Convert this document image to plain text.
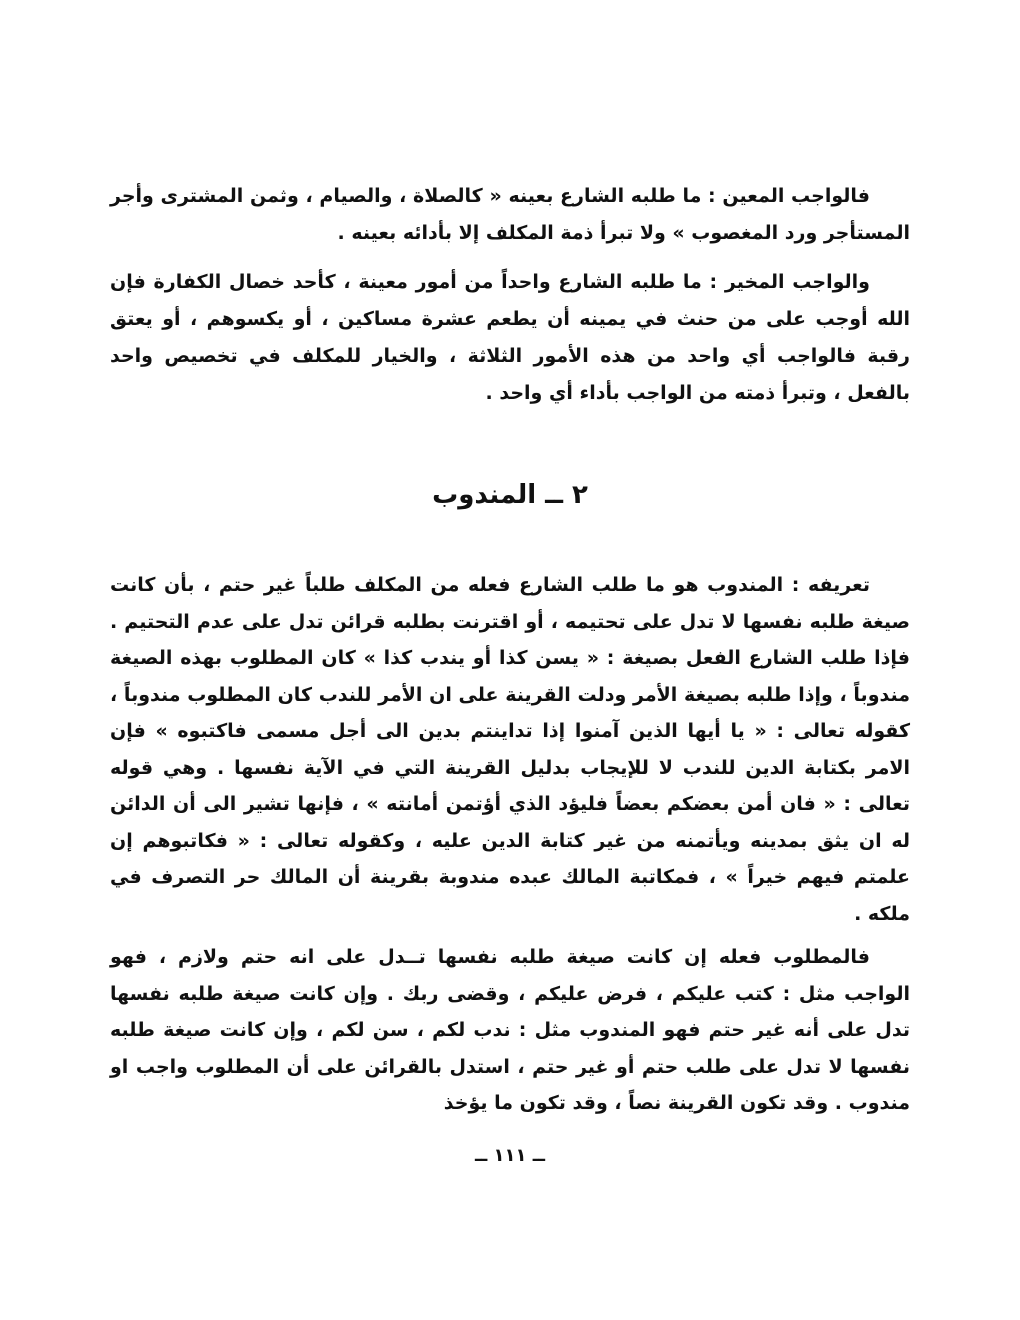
فالواجب المعين : ما طلبه الشارع بعينه « كالصلاة ، والصيام ، وثمن المشترى وأجر المستأجر ورد المغصوب » ولا تبرأ ذمة المكلف إلا بأدائه بعينه .

والواجب المخير : ما طلبه الشارع واحداً من أمور معينة ، كأحد خصال الكفارة فإن الله أوجب على من حنث في يمينه أن يطعم عشرة مساكين ، أو يكسوهم ، أو يعتق رقبة فالواجب أي واحد من هذه الأمور الثلاثة ، والخيار للمكلف في تخصيص واحد بالفعل ، وتبرأ ذمته من الواجب بأداء أي واحد .

٢ ــ المندوب

تعريفه : المندوب هو ما طلب الشارع فعله من المكلف طلباً غير حتم ، بأن كانت صيغة طلبه نفسها لا تدل على تحتيمه ، أو اقترنت بطلبه قرائن تدل على عدم التحتيم . فإذا طلب الشارع الفعل بصيغة : « يسن كذا أو يندب كذا » كان المطلوب بهذه الصيغة مندوباً ، وإذا طلبه بصيغة الأمر ودلت القرينة على ان الأمر للندب كان المطلوب مندوباً ، كقوله تعالى : « يا أيها الذين آمنوا إذا تداينتم بدين الى أجل مسمى فاكتبوه » فإن الامر بكتابة الدين للندب لا للإيجاب بدليل القرينة التي في الآية نفسها . وهي قوله تعالى : « فان أمن بعضكم بعضاً فليؤد الذي أؤتمن أمانته » ، فإنها تشير الى أن الدائن له ان يثق بمدينه ويأتمنه من غير كتابة الدين عليه ، وكقوله تعالى : « فكاتبوهم إن علمتم فيهم خيراً » ، فمكاتبة المالك عبده مندوبة بقرينة أن المالك حر التصرف في ملكه .

فالمطلوب فعله إن كانت صيغة طلبه نفسها تــدل على انه حتم ولازم ، فهو الواجب مثل : كتب عليكم ، فرض عليكم ، وقضى ربك . وإن كانت صيغة طلبه نفسها تدل على أنه غير حتم فهو المندوب مثل : ندب لكم ، سن لكم ، وإن كانت صيغة طلبه نفسها لا تدل على طلب حتم أو غير حتم ، استدل بالقرائن على أن المطلوب واجب او مندوب . وقد تكون القرينة نصاً ، وقد تكون ما يؤخذ

ــ ١١١ ــ
